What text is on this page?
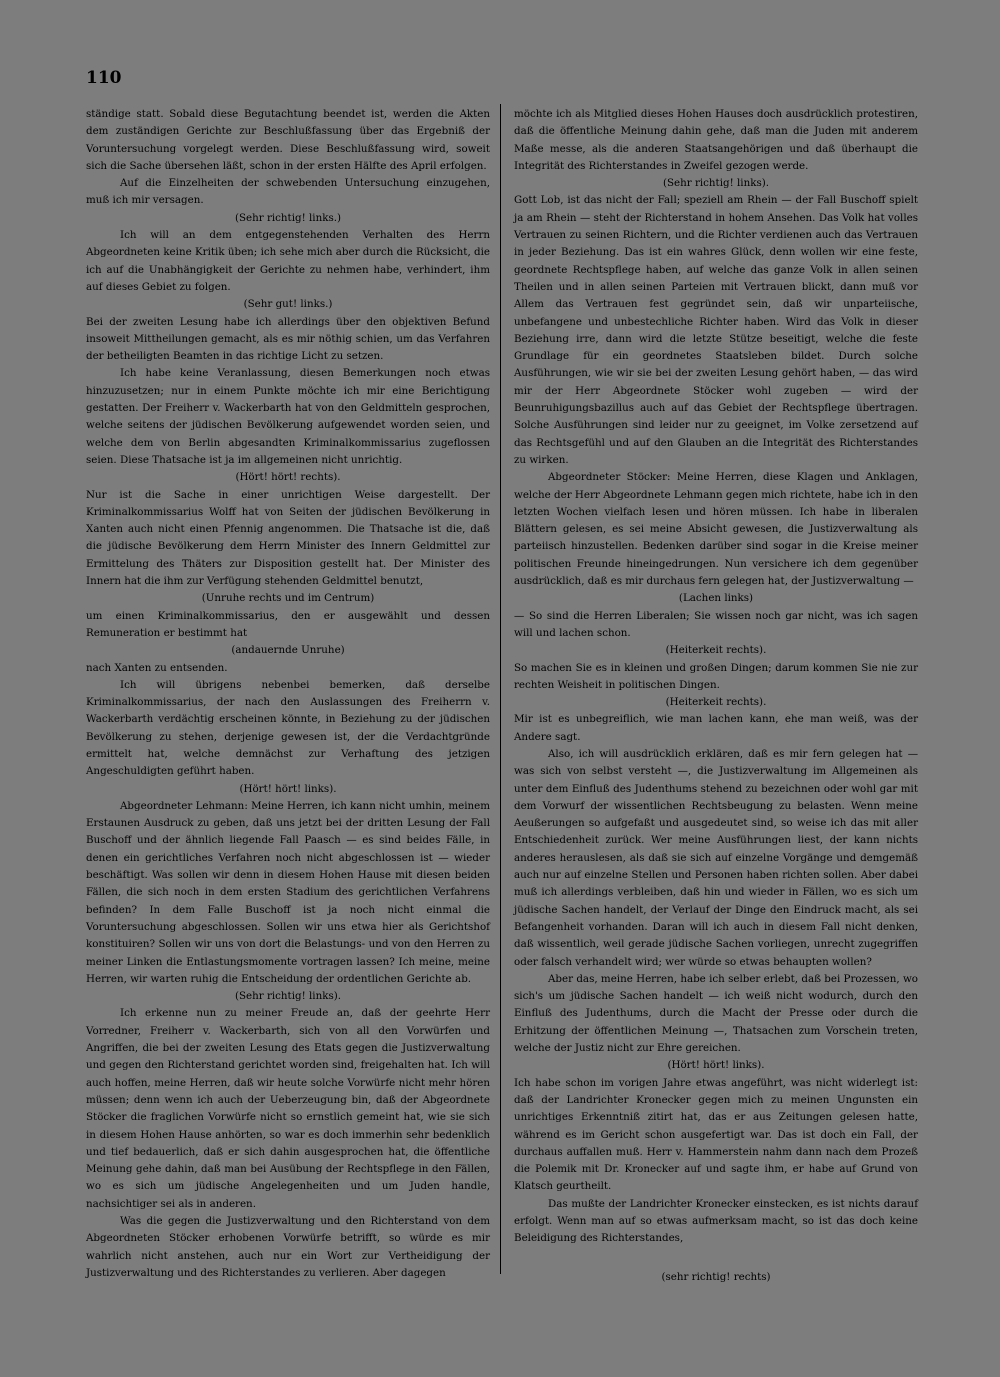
110

ständige statt. Sobald diese Begutachtung beendet ist, werden die Akten dem zuständigen Gerichte zur Beschlußfassung über das Ergebniß der Voruntersuchung vorgelegt werden. Diese Beschlußfassung wird, soweit sich die Sache übersehen läßt, schon in der ersten Hälfte des April erfolgen.

Auf die Einzelheiten der schwebenden Untersuchung einzugehen, muß ich mir versagen.

(Sehr richtig! links.)

Ich will an dem entgegenstehenden Verhalten des Herrn Abgeordneten keine Kritik üben; ich sehe mich aber durch die Rücksicht, die ich auf die Unabhängigkeit der Gerichte zu nehmen habe, verhindert, ihm auf dieses Gebiet zu folgen.

(Sehr gut! links.)

Bei der zweiten Lesung habe ich allerdings über den objektiven Befund insoweit Mittheilungen gemacht, als es mir nöthig schien, um das Verfahren der betheiligten Beamten in das richtige Licht zu setzen.

Ich habe keine Veranlassung, diesen Bemerkungen noch etwas hinzuzusetzen; nur in einem Punkte möchte ich mir eine Berichtigung gestatten. Der Freiherr v. Wackerbarth hat von den Geldmitteln gesprochen, welche seitens der jüdischen Bevölkerung aufgewendet worden seien, und welche dem von Berlin abgesandten Kriminalkommissarius zugeflossen seien. Diese Thatsache ist ja im allgemeinen nicht unrichtig.

(Hört! hört! rechts).

Nur ist die Sache in einer unrichtigen Weise dargestellt. Der Kriminalkommissarius Wolff hat von Seiten der jüdischen Bevölkerung in Xanten auch nicht einen Pfennig angenommen. Die Thatsache ist die, daß die jüdische Bevölkerung dem Herrn Minister des Innern Geldmittel zur Ermittelung des Thäters zur Disposition gestellt hat. Der Minister des Innern hat die ihm zur Verfügung stehenden Geldmittel benutzt,

(Unruhe rechts und im Centrum)

um einen Kriminalkommissarius, den er ausgewählt und dessen Remuneration er bestimmt hat

(andauernde Unruhe)

nach Xanten zu entsenden.

Ich will übrigens nebenbei bemerken, daß derselbe Kriminalkommissarius, der nach den Auslassungen des Freiherrn v. Wackerbarth verdächtig erscheinen könnte, in Beziehung zu der jüdischen Bevölkerung zu stehen, derjenige gewesen ist, der die Verdachtgründe ermittelt hat, welche demnächst zur Verhaftung des jetzigen Angeschuldigten geführt haben.

(Hört! hört! links).

Abgeordneter Lehmann: Meine Herren, ich kann nicht umhin, meinem Erstaunen Ausdruck zu geben, daß uns jetzt bei der dritten Lesung der Fall Buschoff und der ähnlich liegende Fall Paasch — es sind beides Fälle, in denen ein gerichtliches Verfahren noch nicht abgeschlossen ist — wieder beschäftigt. Was sollen wir denn in diesem Hohen Hause mit diesen beiden Fällen, die sich noch in dem ersten Stadium des gerichtlichen Verfahrens befinden? In dem Falle Buschoff ist ja noch nicht einmal die Voruntersuchung abgeschlossen. Sollen wir uns etwa hier als Gerichtshof konstituiren? Sollen wir uns von dort die Belastungs- und von den Herren zu meiner Linken die Entlastungsmomente vortragen lassen? Ich meine, meine Herren, wir warten ruhig die Entscheidung der ordentlichen Gerichte ab.

(Sehr richtig! links).

Ich erkenne nun zu meiner Freude an, daß der geehrte Herr Vorredner, Freiherr v. Wackerbarth, sich von all den Vorwürfen und Angriffen, die bei der zweiten Lesung des Etats gegen die Justizverwaltung und gegen den Richterstand gerichtet worden sind, freigehalten hat. Ich will auch hoffen, meine Herren, daß wir heute solche Vorwürfe nicht mehr hören müssen; denn wenn ich auch der Ueberzeugung bin, daß der Abgeordnete Stöcker die fraglichen Vorwürfe nicht so ernstlich gemeint hat, wie sie sich in diesem Hohen Hause anhörten, so war es doch immerhin sehr bedenklich und tief bedauerlich, daß er sich dahin ausgesprochen hat, die öffentliche Meinung gehe dahin, daß man bei Ausübung der Rechtspflege in den Fällen, wo es sich um jüdische Angelegenheiten und um Juden handle, nachsichtiger sei als in anderen.

Was die gegen die Justizverwaltung und den Richterstand von dem Abgeordneten Stöcker erhobenen Vorwürfe betrifft, so würde es mir wahrlich nicht anstehen, auch nur ein Wort zur Vertheidigung der Justizverwaltung und des Richterstandes zu verlieren. Aber dagegen

möchte ich als Mitglied dieses Hohen Hauses doch ausdrücklich protestiren, daß die öffentliche Meinung dahin gehe, daß man die Juden mit anderem Maße messe, als die anderen Staatsangehörigen und daß überhaupt die Integrität des Richterstandes in Zweifel gezogen werde.

(Sehr richtig! links).

Gott Lob, ist das nicht der Fall; speziell am Rhein — der Fall Buschoff spielt ja am Rhein — steht der Richterstand in hohem Ansehen. Das Volk hat volles Vertrauen zu seinen Richtern, und die Richter verdienen auch das Vertrauen in jeder Beziehung. Das ist ein wahres Glück, denn wollen wir eine feste, geordnete Rechtspflege haben, auf welche das ganze Volk in allen seinen Theilen und in allen seinen Parteien mit Vertrauen blickt, dann muß vor Allem das Vertrauen fest gegründet sein, daß wir unparteiische, unbefangene und unbestechliche Richter haben. Wird das Volk in dieser Beziehung irre, dann wird die letzte Stütze beseitigt, welche die feste Grundlage für ein geordnetes Staatsleben bildet. Durch solche Ausführungen, wie wir sie bei der zweiten Lesung gehört haben, — das wird mir der Herr Abgeordnete Stöcker wohl zugeben — wird der Beunruhigungsbazillus auch auf das Gebiet der Rechtspflege übertragen. Solche Ausführungen sind leider nur zu geeignet, im Volke zersetzend auf das Rechtsgefühl und auf den Glauben an die Integrität des Richterstandes zu wirken.

Abgeordneter Stöcker: Meine Herren, diese Klagen und Anklagen, welche der Herr Abgeordnete Lehmann gegen mich richtete, habe ich in den letzten Wochen vielfach lesen und hören müssen. Ich habe in liberalen Blättern gelesen, es sei meine Absicht gewesen, die Justizverwaltung als parteiisch hinzustellen. Bedenken darüber sind sogar in die Kreise meiner politischen Freunde hineingedrungen. Nun versichere ich dem gegenüber ausdrücklich, daß es mir durchaus fern gelegen hat, der Justizverwaltung —

(Lachen links)

— So sind die Herren Liberalen; Sie wissen noch gar nicht, was ich sagen will und lachen schon.

(Heiterkeit rechts).

So machen Sie es in kleinen und großen Dingen; darum kommen Sie nie zur rechten Weisheit in politischen Dingen.

(Heiterkeit rechts).

Mir ist es unbegreiflich, wie man lachen kann, ehe man weiß, was der Andere sagt.

Also, ich will ausdrücklich erklären, daß es mir fern gelegen hat — was sich von selbst versteht —, die Justizverwaltung im Allgemeinen als unter dem Einfluß des Judenthums stehend zu bezeichnen oder wohl gar mit dem Vorwurf der wissentlichen Rechtsbeugung zu belasten. Wenn meine Aeußerungen so aufgefaßt und ausgedeutet sind, so weise ich das mit aller Entschiedenheit zurück. Wer meine Ausführungen liest, der kann nichts anderes herauslesen, als daß sie sich auf einzelne Vorgänge und demgemäß auch nur auf einzelne Stellen und Personen haben richten sollen. Aber dabei muß ich allerdings verbleiben, daß hin und wieder in Fällen, wo es sich um jüdische Sachen handelt, der Verlauf der Dinge den Eindruck macht, als sei Befangenheit vorhanden. Daran will ich auch in diesem Fall nicht denken, daß wissentlich, weil gerade jüdische Sachen vorliegen, unrecht zugegriffen oder falsch verhandelt wird; wer würde so etwas behaupten wollen?

Aber das, meine Herren, habe ich selber erlebt, daß bei Prozessen, wo sich's um jüdische Sachen handelt — ich weiß nicht wodurch, durch den Einfluß des Judenthums, durch die Macht der Presse oder durch die Erhitzung der öffentlichen Meinung —, Thatsachen zum Vorschein treten, welche der Justiz nicht zur Ehre gereichen.

(Hört! hört! links).

Ich habe schon im vorigen Jahre etwas angeführt, was nicht widerlegt ist: daß der Landrichter Kronecker gegen mich zu meinen Ungunsten ein unrichtiges Erkenntniß zitirt hat, das er aus Zeitungen gelesen hatte, während es im Gericht schon ausgefertigt war. Das ist doch ein Fall, der durchaus auffallen muß. Herr v. Hammerstein nahm dann nach dem Prozeß die Polemik mit Dr. Kronecker auf und sagte ihm, er habe auf Grund von Klatsch geurtheilt.

Das mußte der Landrichter Kronecker einstecken, es ist nichts darauf erfolgt. Wenn man auf so etwas aufmerksam macht, so ist das doch keine Beleidigung des Richterstandes,

(sehr richtig! rechts)
